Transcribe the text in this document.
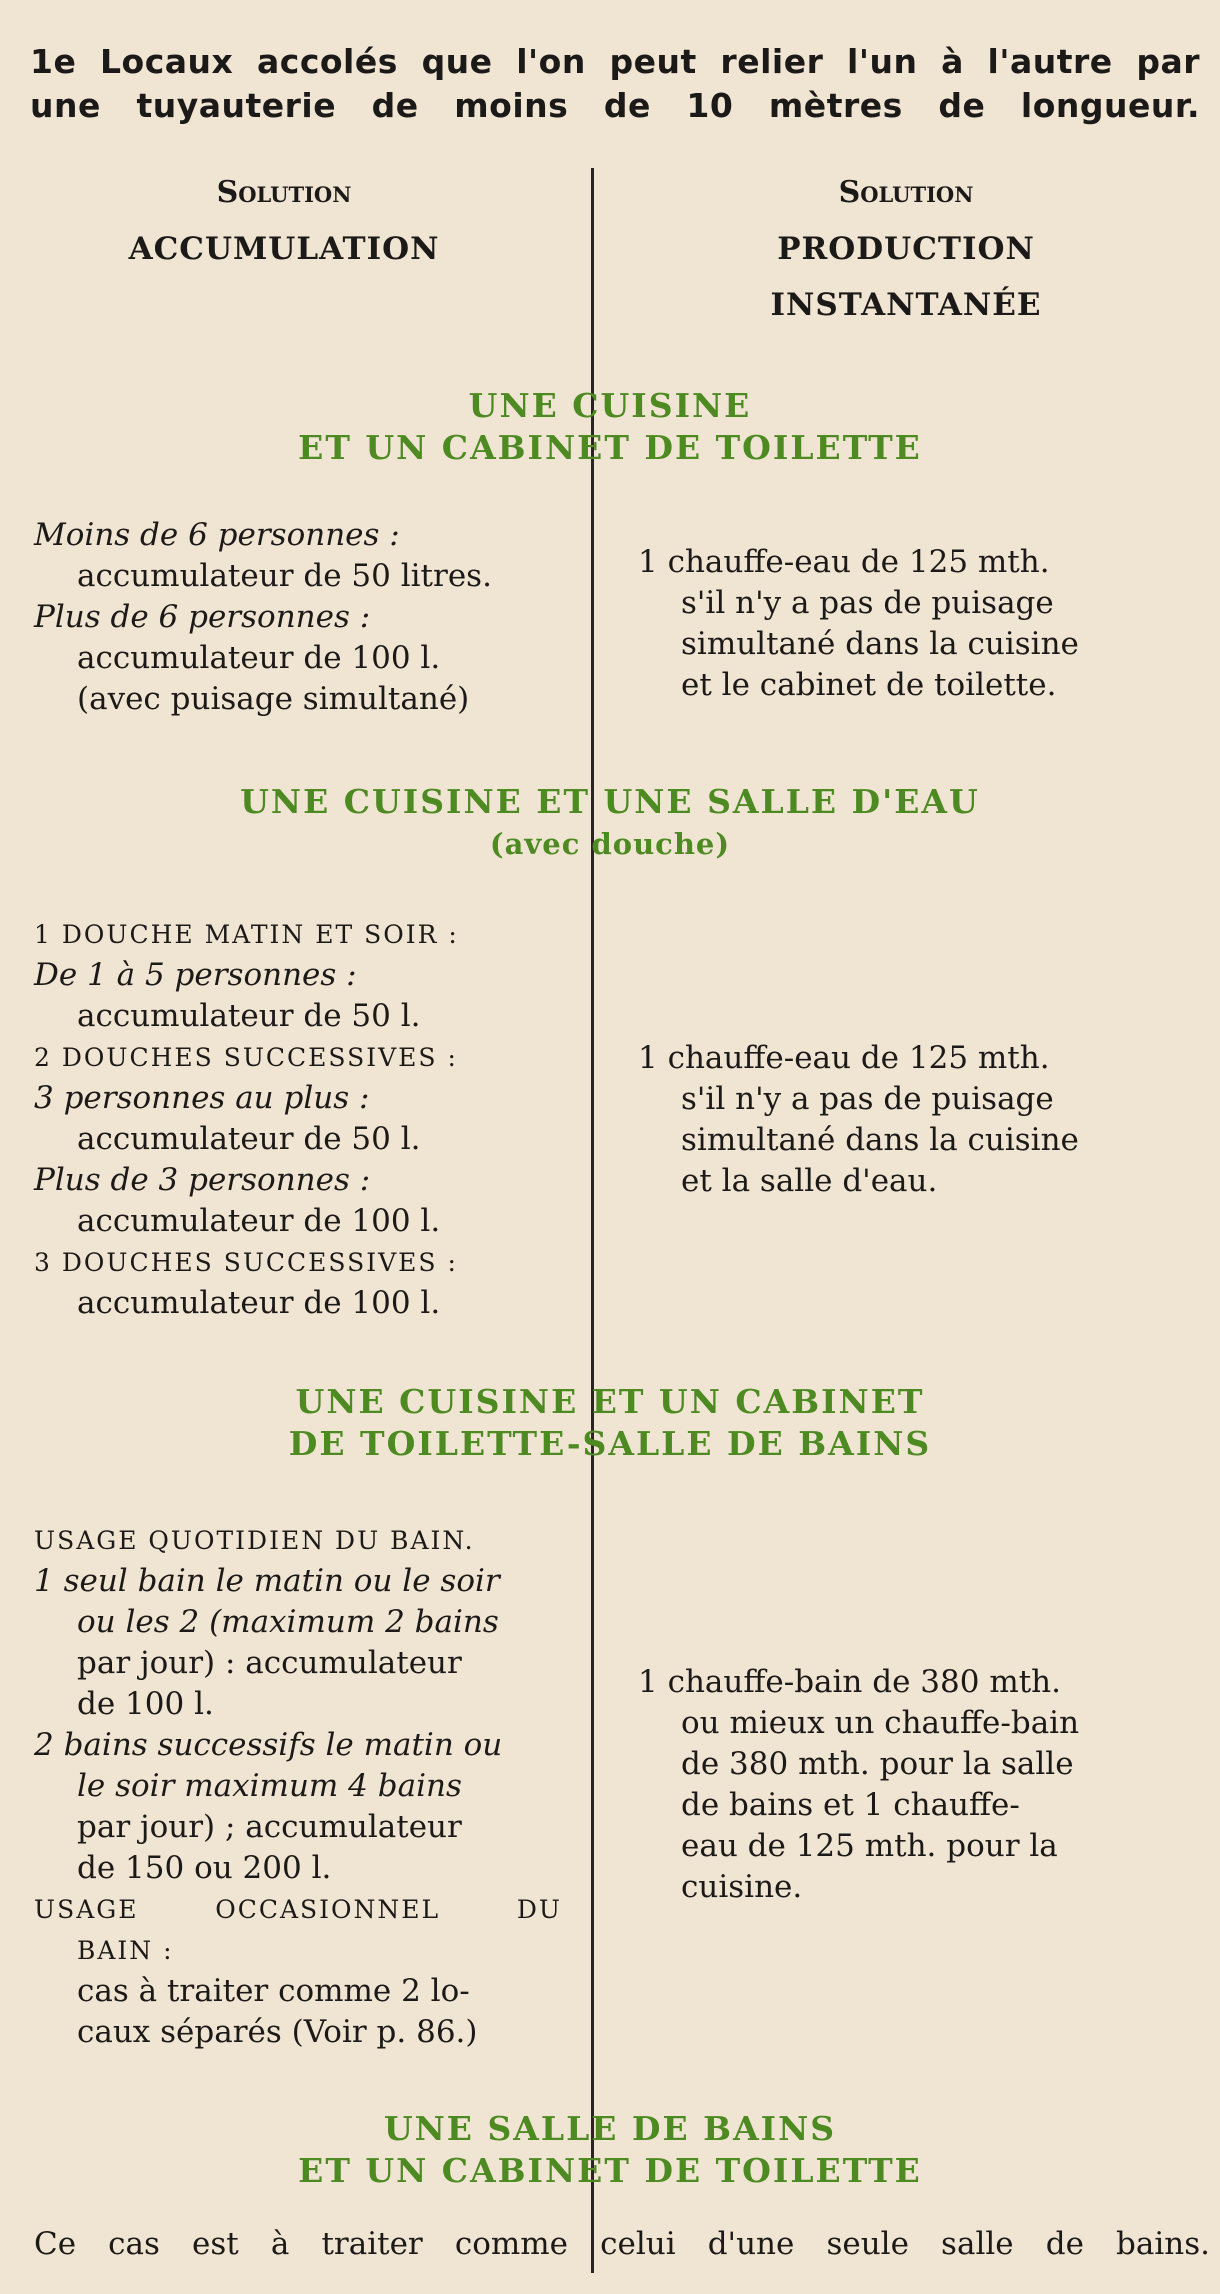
1e Locaux accolés que l'on peut relier l'un à l'autre par
une tuyauterie de moins de 10 mètres de longueur.
Solution
ACCUMULATION
Solution
PRODUCTION
INSTANTANÉE
UNE CUISINE
ET UN CABINET DE TOILETTE
Moins de 6 personnes :
accumulateur de 50 litres.
Plus de 6 personnes :
accumulateur de 100 l.
(avec puisage simultané)
1 chauffe-eau de 125 mth.
s'il n'y a pas de puisage
simultané dans la cuisine
et le cabinet de toilette.
UNE CUISINE ET UNE SALLE D'EAU
(avec douche)
1 DOUCHE MATIN ET SOIR :
De 1 à 5 personnes :
accumulateur de 50 l.
2 DOUCHES SUCCESSIVES :
3 personnes au plus :
accumulateur de 50 l.
Plus de 3 personnes :
accumulateur de 100 l.
3 DOUCHES SUCCESSIVES :
accumulateur de 100 l.
1 chauffe-eau de 125 mth.
s'il n'y a pas de puisage
simultané dans la cuisine
et la salle d'eau.
UNE CUISINE ET UN CABINET
DE TOILETTE-SALLE DE BAINS
USAGE QUOTIDIEN DU BAIN.
1 seul bain le matin ou le soir
ou les 2 (maximum 2 bains
par jour) : accumulateur
de 100 l.
2 bains successifs le matin ou
le soir maximum 4 bains
par jour) ; accumulateur
de 150 ou 200 l.
USAGE OCCASIONNEL DU
BAIN :
cas à traiter comme 2 lo-
caux séparés (Voir p. 86.)
1 chauffe-bain de 380 mth.
ou mieux un chauffe-bain
de 380 mth. pour la salle
de bains et 1 chauffe-
eau de 125 mth. pour la
cuisine.
UNE SALLE DE BAINS
ET UN CABINET DE TOILETTE
Ce cas est à traiter comme celui d'une seule salle de bains.
